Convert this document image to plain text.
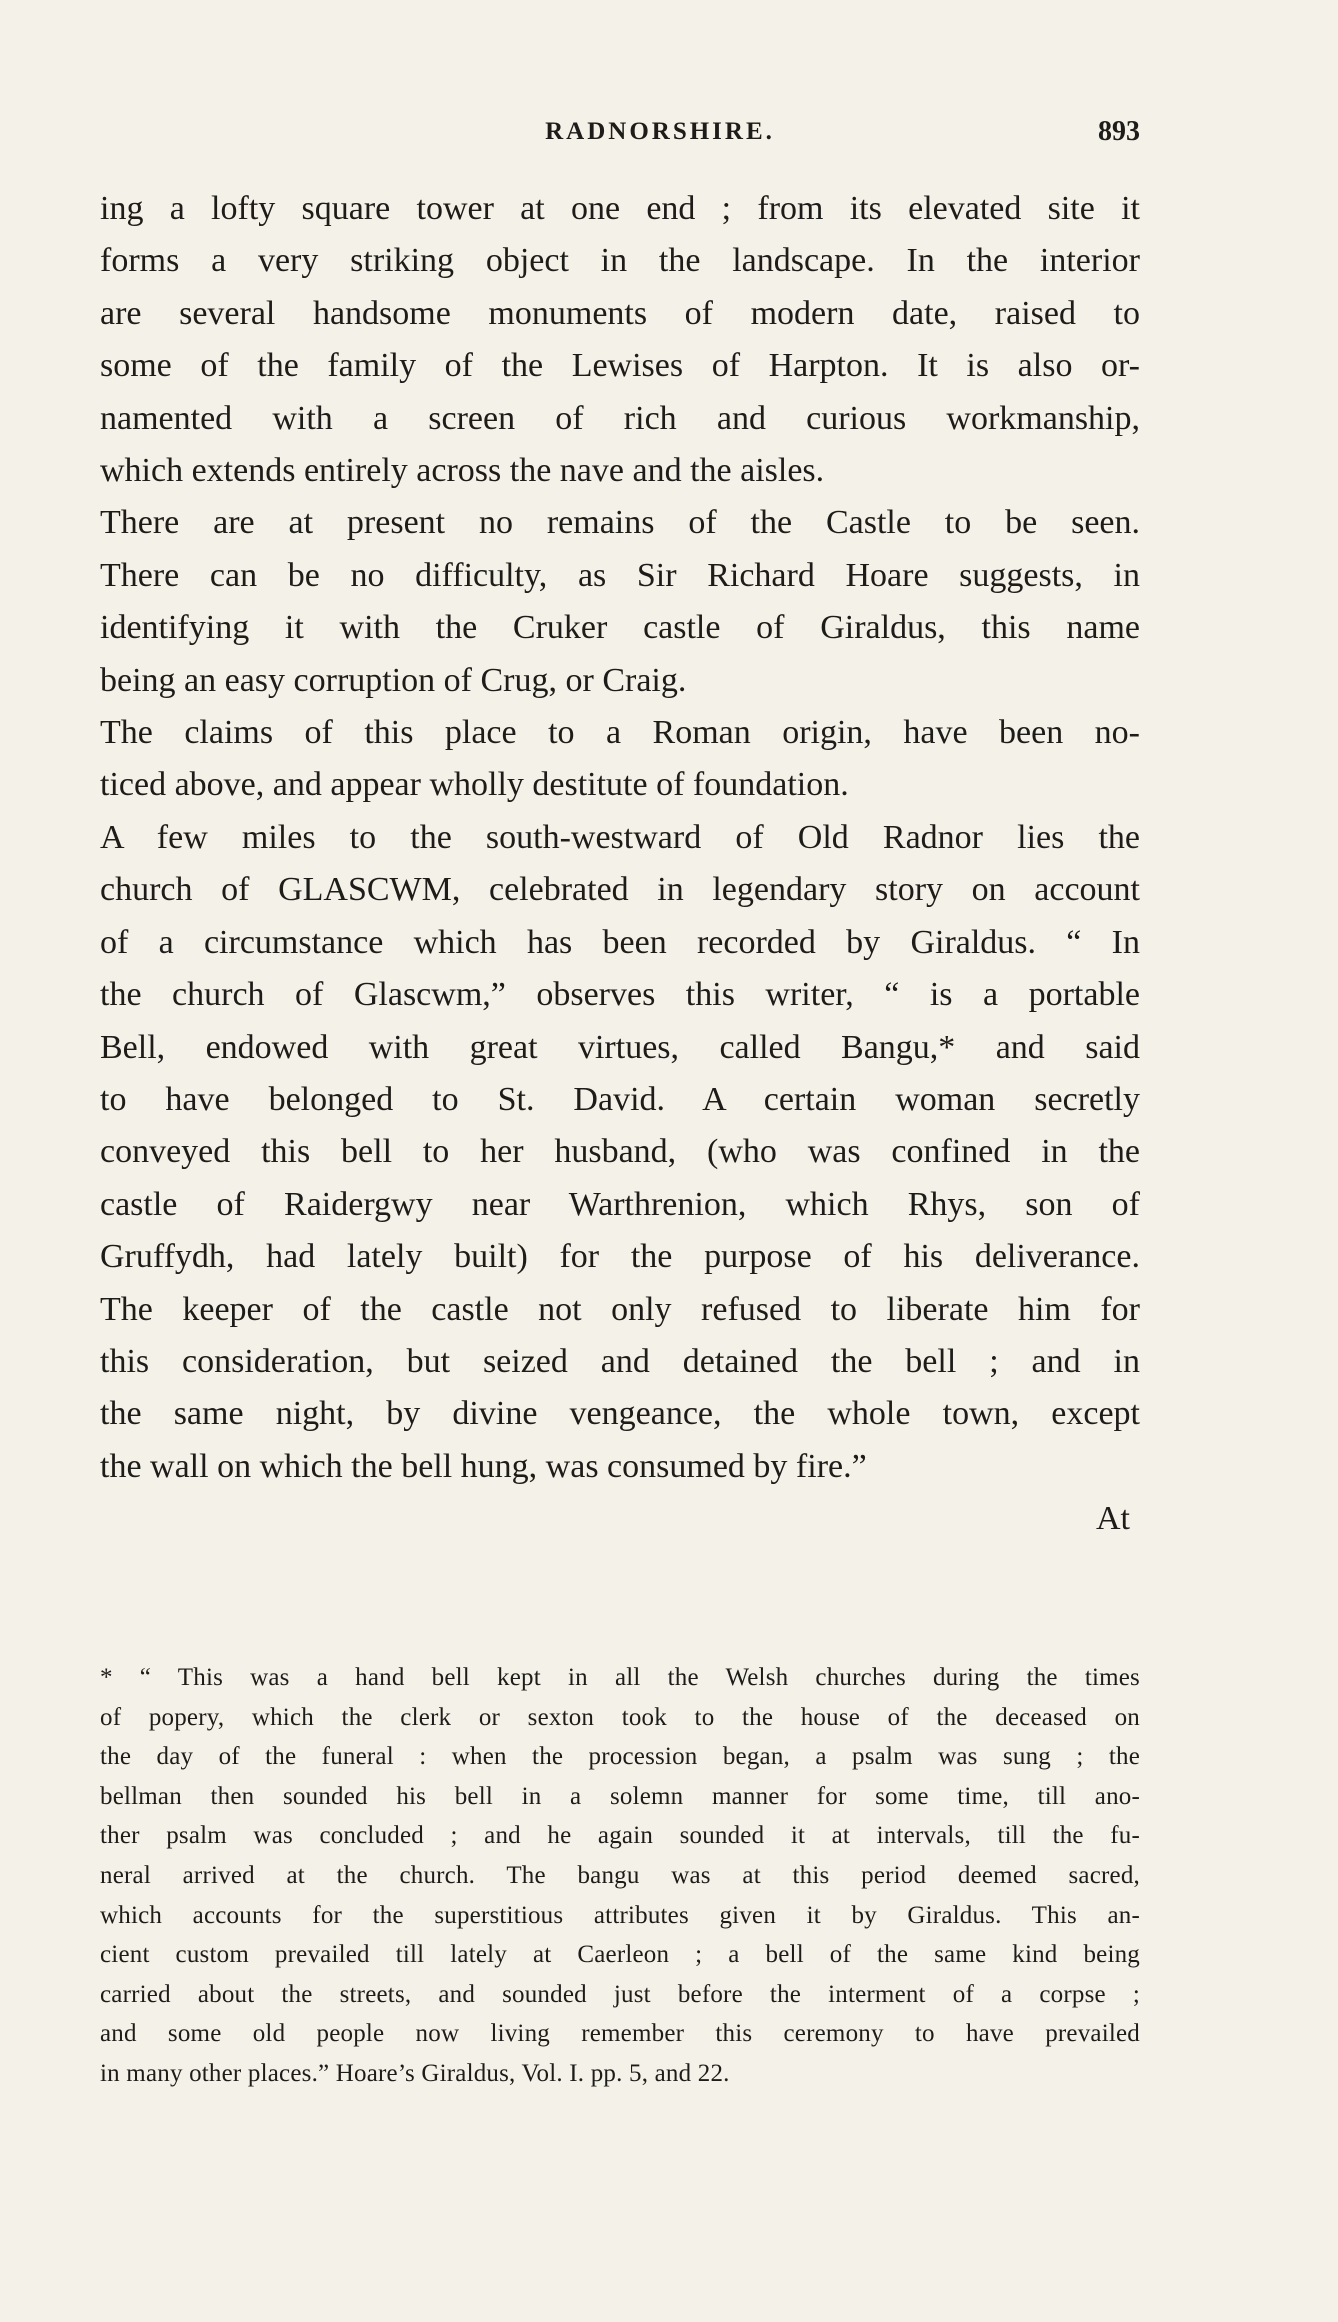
RADNORSHIRE.	893
ing a lofty square tower at one end ; from its elevated site it
forms a very striking object in the landscape. In the interior
are several handsome monuments of modern date, raised to
some of the family of the Lewises of Harpton. It is also or-
namented with a screen of rich and curious workmanship,
which extends entirely across the nave and the aisles.
There are at present no remains of the Castle to be seen.
There can be no difficulty, as Sir Richard Hoare suggests, in
identifying it with the Cruker castle of Giraldus, this name
being an easy corruption of Crug, or Craig.
The claims of this place to a Roman origin, have been no-
ticed above, and appear wholly destitute of foundation.
A few miles to the south-westward of Old Radnor lies the
church of GLASCWM, celebrated in legendary story on account
of a circumstance which has been recorded by Giraldus. “ In
the church of Glascwm,” observes this writer, “ is a portable
Bell, endowed with great virtues, called Bangu,* and said
to have belonged to St. David. A certain woman secretly
conveyed this bell to her husband, (who was confined in the
castle of Raidergwy near Warthrenion, which Rhys, son of
Gruffydh, had lately built) for the purpose of his deliverance.
The keeper of the castle not only refused to liberate him for
this consideration, but seized and detained the bell ; and in
the same night, by divine vengeance, the whole town, except
the wall on which the bell hung, was consumed by fire.”
At
* “ This was a hand bell kept in all the Welsh churches during the times
of popery, which the clerk or sexton took to the house of the deceased on
the day of the funeral : when the procession began, a psalm was sung ; the
bellman then sounded his bell in a solemn manner for some time, till ano-
ther psalm was concluded ; and he again sounded it at intervals, till the fu-
neral arrived at the church. The bangu was at this period deemed sacred,
which accounts for the superstitious attributes given it by Giraldus. This an-
cient custom prevailed till lately at Caerleon ; a bell of the same kind being
carried about the streets, and sounded just before the interment of a corpse ;
and some old people now living remember this ceremony to have prevailed
in many other places.” Hoare’s Giraldus, Vol. I. pp. 5, and 22.
